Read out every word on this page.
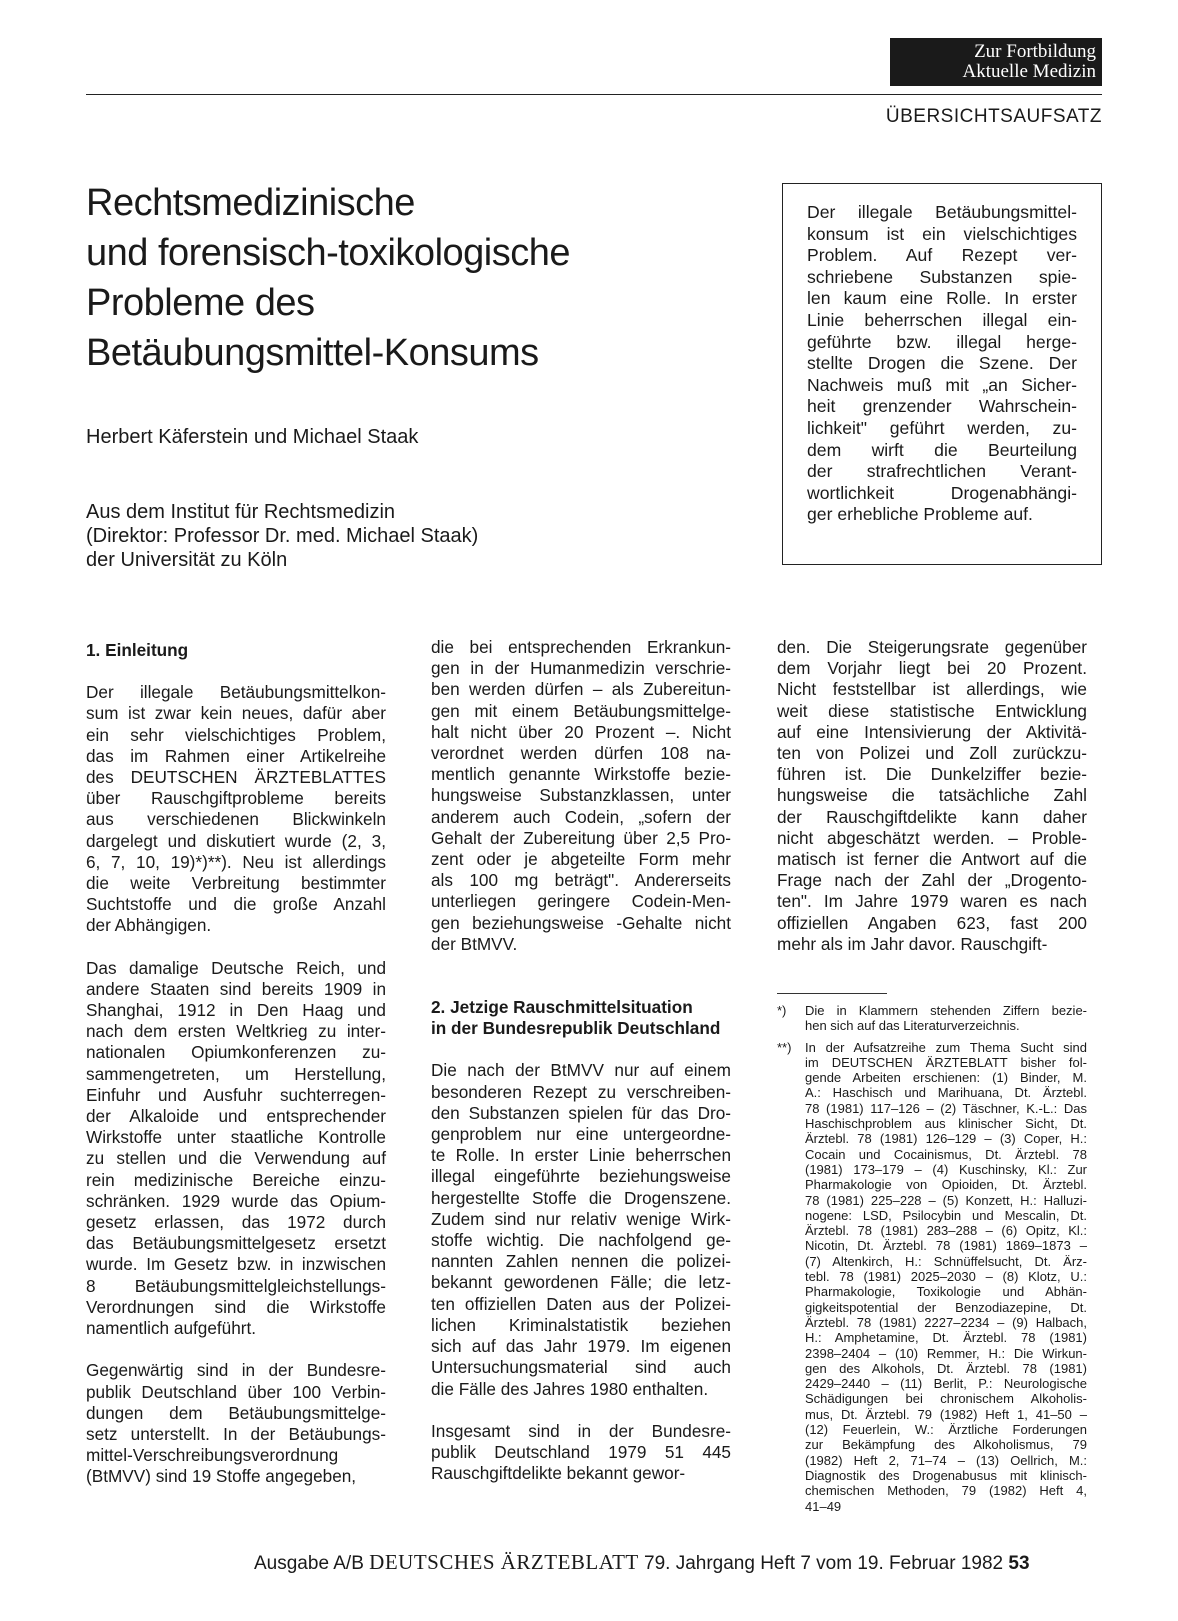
Zur Fortbildung
Aktuelle Medizin
ÜBERSICHTSAUFSATZ
Rechtsmedizinische
und forensisch-toxikologische
Probleme des
Betäubungsmittel-Konsums
Herbert Käferstein und Michael Staak
Aus dem Institut für Rechtsmedizin
(Direktor: Professor Dr. med. Michael Staak)
der Universität zu Köln
Der illegale Betäubungsmittel-
konsum ist ein vielschichtiges
Problem. Auf Rezept ver-
schriebene Substanzen spie-
len kaum eine Rolle. In erster
Linie beherrschen illegal ein-
geführte bzw. illegal herge-
stellte Drogen die Szene. Der
Nachweis muß mit „an Sicher-
heit grenzender Wahrschein-
lichkeit" geführt werden, zu-
dem wirft die Beurteilung
der strafrechtlichen Verant-
wortlichkeit Drogenabhängi-
ger erhebliche Probleme auf.
1. Einleitung
Der illegale Betäubungsmittelkon-
sum ist zwar kein neues, dafür aber
ein sehr vielschichtiges Problem,
das im Rahmen einer Artikelreihe
des DEUTSCHEN ÄRZTEBLATTES
über Rauschgiftprobleme bereits
aus verschiedenen Blickwinkeln
dargelegt und diskutiert wurde (2, 3,
6, 7, 10, 19)*)**). Neu ist allerdings
die weite Verbreitung bestimmter
Suchtstoffe und die große Anzahl
der Abhängigen.
Das damalige Deutsche Reich, und
andere Staaten sind bereits 1909 in
Shanghai, 1912 in Den Haag und
nach dem ersten Weltkrieg zu inter-
nationalen Opiumkonferenzen zu-
sammengetreten, um Herstellung,
Einfuhr und Ausfuhr suchterregen-
der Alkaloide und entsprechender
Wirkstoffe unter staatliche Kontrolle
zu stellen und die Verwendung auf
rein medizinische Bereiche einzu-
schränken. 1929 wurde das Opium-
gesetz erlassen, das 1972 durch
das Betäubungsmittelgesetz ersetzt
wurde. Im Gesetz bzw. in inzwischen
8 Betäubungsmittelgleichstellungs-
Verordnungen sind die Wirkstoffe
namentlich aufgeführt.
Gegenwärtig sind in der Bundesre-
publik Deutschland über 100 Verbin-
dungen dem Betäubungsmittelge-
setz unterstellt. In der Betäubungs-
mittel-Verschreibungsverordnung
(BtMVV) sind 19 Stoffe angegeben,
die bei entsprechenden Erkrankun-
gen in der Humanmedizin verschrie-
ben werden dürfen – als Zubereitun-
gen mit einem Betäubungsmittelge-
halt nicht über 20 Prozent –. Nicht
verordnet werden dürfen 108 na-
mentlich genannte Wirkstoffe bezie-
hungsweise Substanzklassen, unter
anderem auch Codein, „sofern der
Gehalt der Zubereitung über 2,5 Pro-
zent oder je abgeteilte Form mehr
als 100 mg beträgt". Andererseits
unterliegen geringere Codein-Men-
gen beziehungsweise -Gehalte nicht
der BtMVV.
2. Jetzige Rauschmittelsituation
in der Bundesrepublik Deutschland
Die nach der BtMVV nur auf einem
besonderen Rezept zu verschreiben-
den Substanzen spielen für das Dro-
genproblem nur eine untergeordne-
te Rolle. In erster Linie beherrschen
illegal eingeführte beziehungsweise
hergestellte Stoffe die Drogenszene.
Zudem sind nur relativ wenige Wirk-
stoffe wichtig. Die nachfolgend ge-
nannten Zahlen nennen die polizei-
bekannt gewordenen Fälle; die letz-
ten offiziellen Daten aus der Polizei-
lichen Kriminalstatistik beziehen
sich auf das Jahr 1979. Im eigenen
Untersuchungsmaterial sind auch
die Fälle des Jahres 1980 enthalten.
Insgesamt sind in der Bundesre-
publik Deutschland 1979 51 445
Rauschgiftdelikte bekannt gewor-
den. Die Steigerungsrate gegenüber
dem Vorjahr liegt bei 20 Prozent.
Nicht feststellbar ist allerdings, wie
weit diese statistische Entwicklung
auf eine Intensivierung der Aktivitä-
ten von Polizei und Zoll zurückzu-
führen ist. Die Dunkelziffer bezie-
hungsweise die tatsächliche Zahl
der Rauschgiftdelikte kann daher
nicht abgeschätzt werden. – Proble-
matisch ist ferner die Antwort auf die
Frage nach der Zahl der „Drogento-
ten". Im Jahre 1979 waren es nach
offiziellen Angaben 623, fast 200
mehr als im Jahr davor. Rauschgift-
*) Die in Klammern stehenden Ziffern bezie-
hen sich auf das Literaturverzeichnis.
**) In der Aufsatzreihe zum Thema Sucht sind
im DEUTSCHEN ÄRZTEBLATT bisher fol-
gende Arbeiten erschienen: (1) Binder, M.
A.: Haschisch und Marihuana, Dt. Ärztebl.
78 (1981) 117–126 – (2) Täschner, K.-L.: Das
Haschischproblem aus klinischer Sicht, Dt.
Ärztebl. 78 (1981) 126–129 – (3) Coper, H.:
Cocain und Cocainismus, Dt. Ärztebl. 78
(1981) 173–179 – (4) Kuschinsky, Kl.: Zur
Pharmakologie von Opioiden, Dt. Ärztebl.
78 (1981) 225–228 – (5) Konzett, H.: Halluzi-
nogene: LSD, Psilocybin und Mescalin, Dt.
Ärztebl. 78 (1981) 283–288 – (6) Opitz, Kl.:
Nicotin, Dt. Ärztebl. 78 (1981) 1869–1873 –
(7) Altenkirch, H.: Schnüffelsucht, Dt. Ärz-
tebl. 78 (1981) 2025–2030 – (8) Klotz, U.:
Pharmakologie, Toxikologie und Abhän-
gigkeitspotential der Benzodiazepine, Dt.
Ärztebl. 78 (1981) 2227–2234 – (9) Halbach,
H.: Amphetamine, Dt. Ärztebl. 78 (1981)
2398–2404 – (10) Remmer, H.: Die Wirkun-
gen des Alkohols, Dt. Ärztebl. 78 (1981)
2429–2440 – (11) Berlit, P.: Neurologische
Schädigungen bei chronischem Alkoholis-
mus, Dt. Ärztebl. 79 (1982) Heft 1, 41–50 –
(12) Feuerlein, W.: Ärztliche Forderungen
zur Bekämpfung des Alkoholismus, 79
(1982) Heft 2, 71–74 – (13) Oellrich, M.:
Diagnostik des Drogenabusus mit klinisch-
chemischen Methoden, 79 (1982) Heft 4,
41–49
Ausgabe A/B DEUTSCHES ÄRZTEBLATT 79. Jahrgang Heft 7 vom 19. Februar 1982 53
